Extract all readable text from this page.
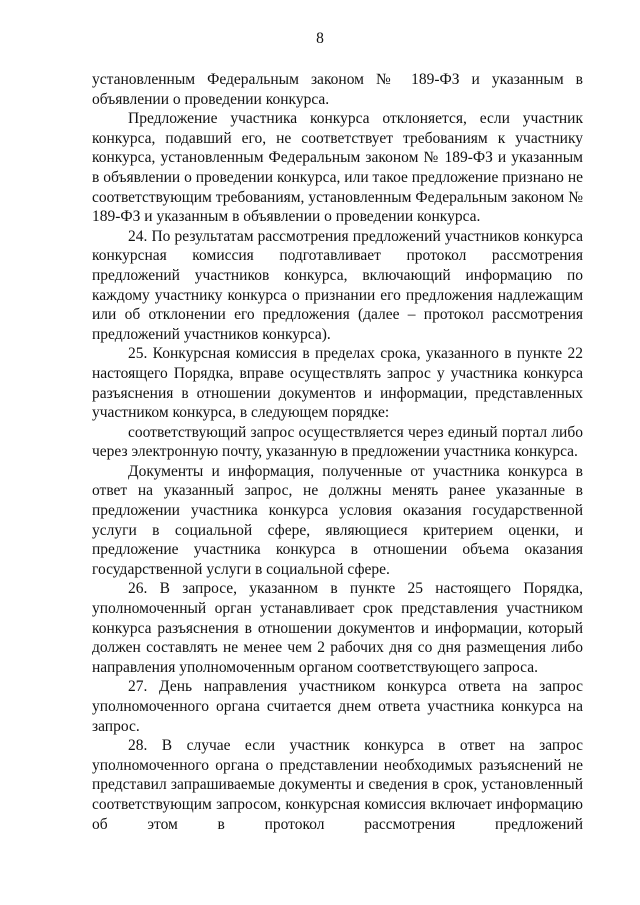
8

установленным Федеральным законом № 189-ФЗ и указанным в объявлении о проведении конкурса.

Предложение участника конкурса отклоняется, если участник конкурса, подавший его, не соответствует требованиям к участнику конкурса, установленным Федеральным законом № 189-ФЗ и указанным в объявлении о проведении конкурса, или такое предложение признано не соответствующим требованиям, установленным Федеральным законом № 189-ФЗ и указанным в объявлении о проведении конкурса.

24. По результатам рассмотрения предложений участников конкурса конкурсная комиссия подготавливает протокол рассмотрения предложений участников конкурса, включающий информацию по каждому участнику конкурса о признании его предложения надлежащим или об отклонении его предложения (далее – протокол рассмотрения предложений участников конкурса).

25. Конкурсная комиссия в пределах срока, указанного в пункте 22 настоящего Порядка, вправе осуществлять запрос у участника конкурса разъяснения в отношении документов и информации, представленных участником конкурса, в следующем порядке:

соответствующий запрос осуществляется через единый портал либо через электронную почту, указанную в предложении участника конкурса.

Документы и информация, полученные от участника конкурса в ответ на указанный запрос, не должны менять ранее указанные в предложении участника конкурса условия оказания государственной услуги в социальной сфере, являющиеся критерием оценки, и предложение участника конкурса в отношении объема оказания государственной услуги в социальной сфере.

26. В запросе, указанном в пункте 25 настоящего Порядка, уполномоченный орган устанавливает срок представления участником конкурса разъяснения в отношении документов и информации, который должен составлять не менее чем 2 рабочих дня со дня размещения либо направления уполномоченным органом соответствующего запроса.

27. День направления участником конкурса ответа на запрос уполномоченного органа считается днем ответа участника конкурса на запрос.

28. В случае если участник конкурса в ответ на запрос уполномоченного органа о представлении необходимых разъяснений не представил запрашиваемые документы и сведения в срок, установленный соответствующим запросом, конкурсная комиссия включает информацию об этом в протокол рассмотрения предложений
